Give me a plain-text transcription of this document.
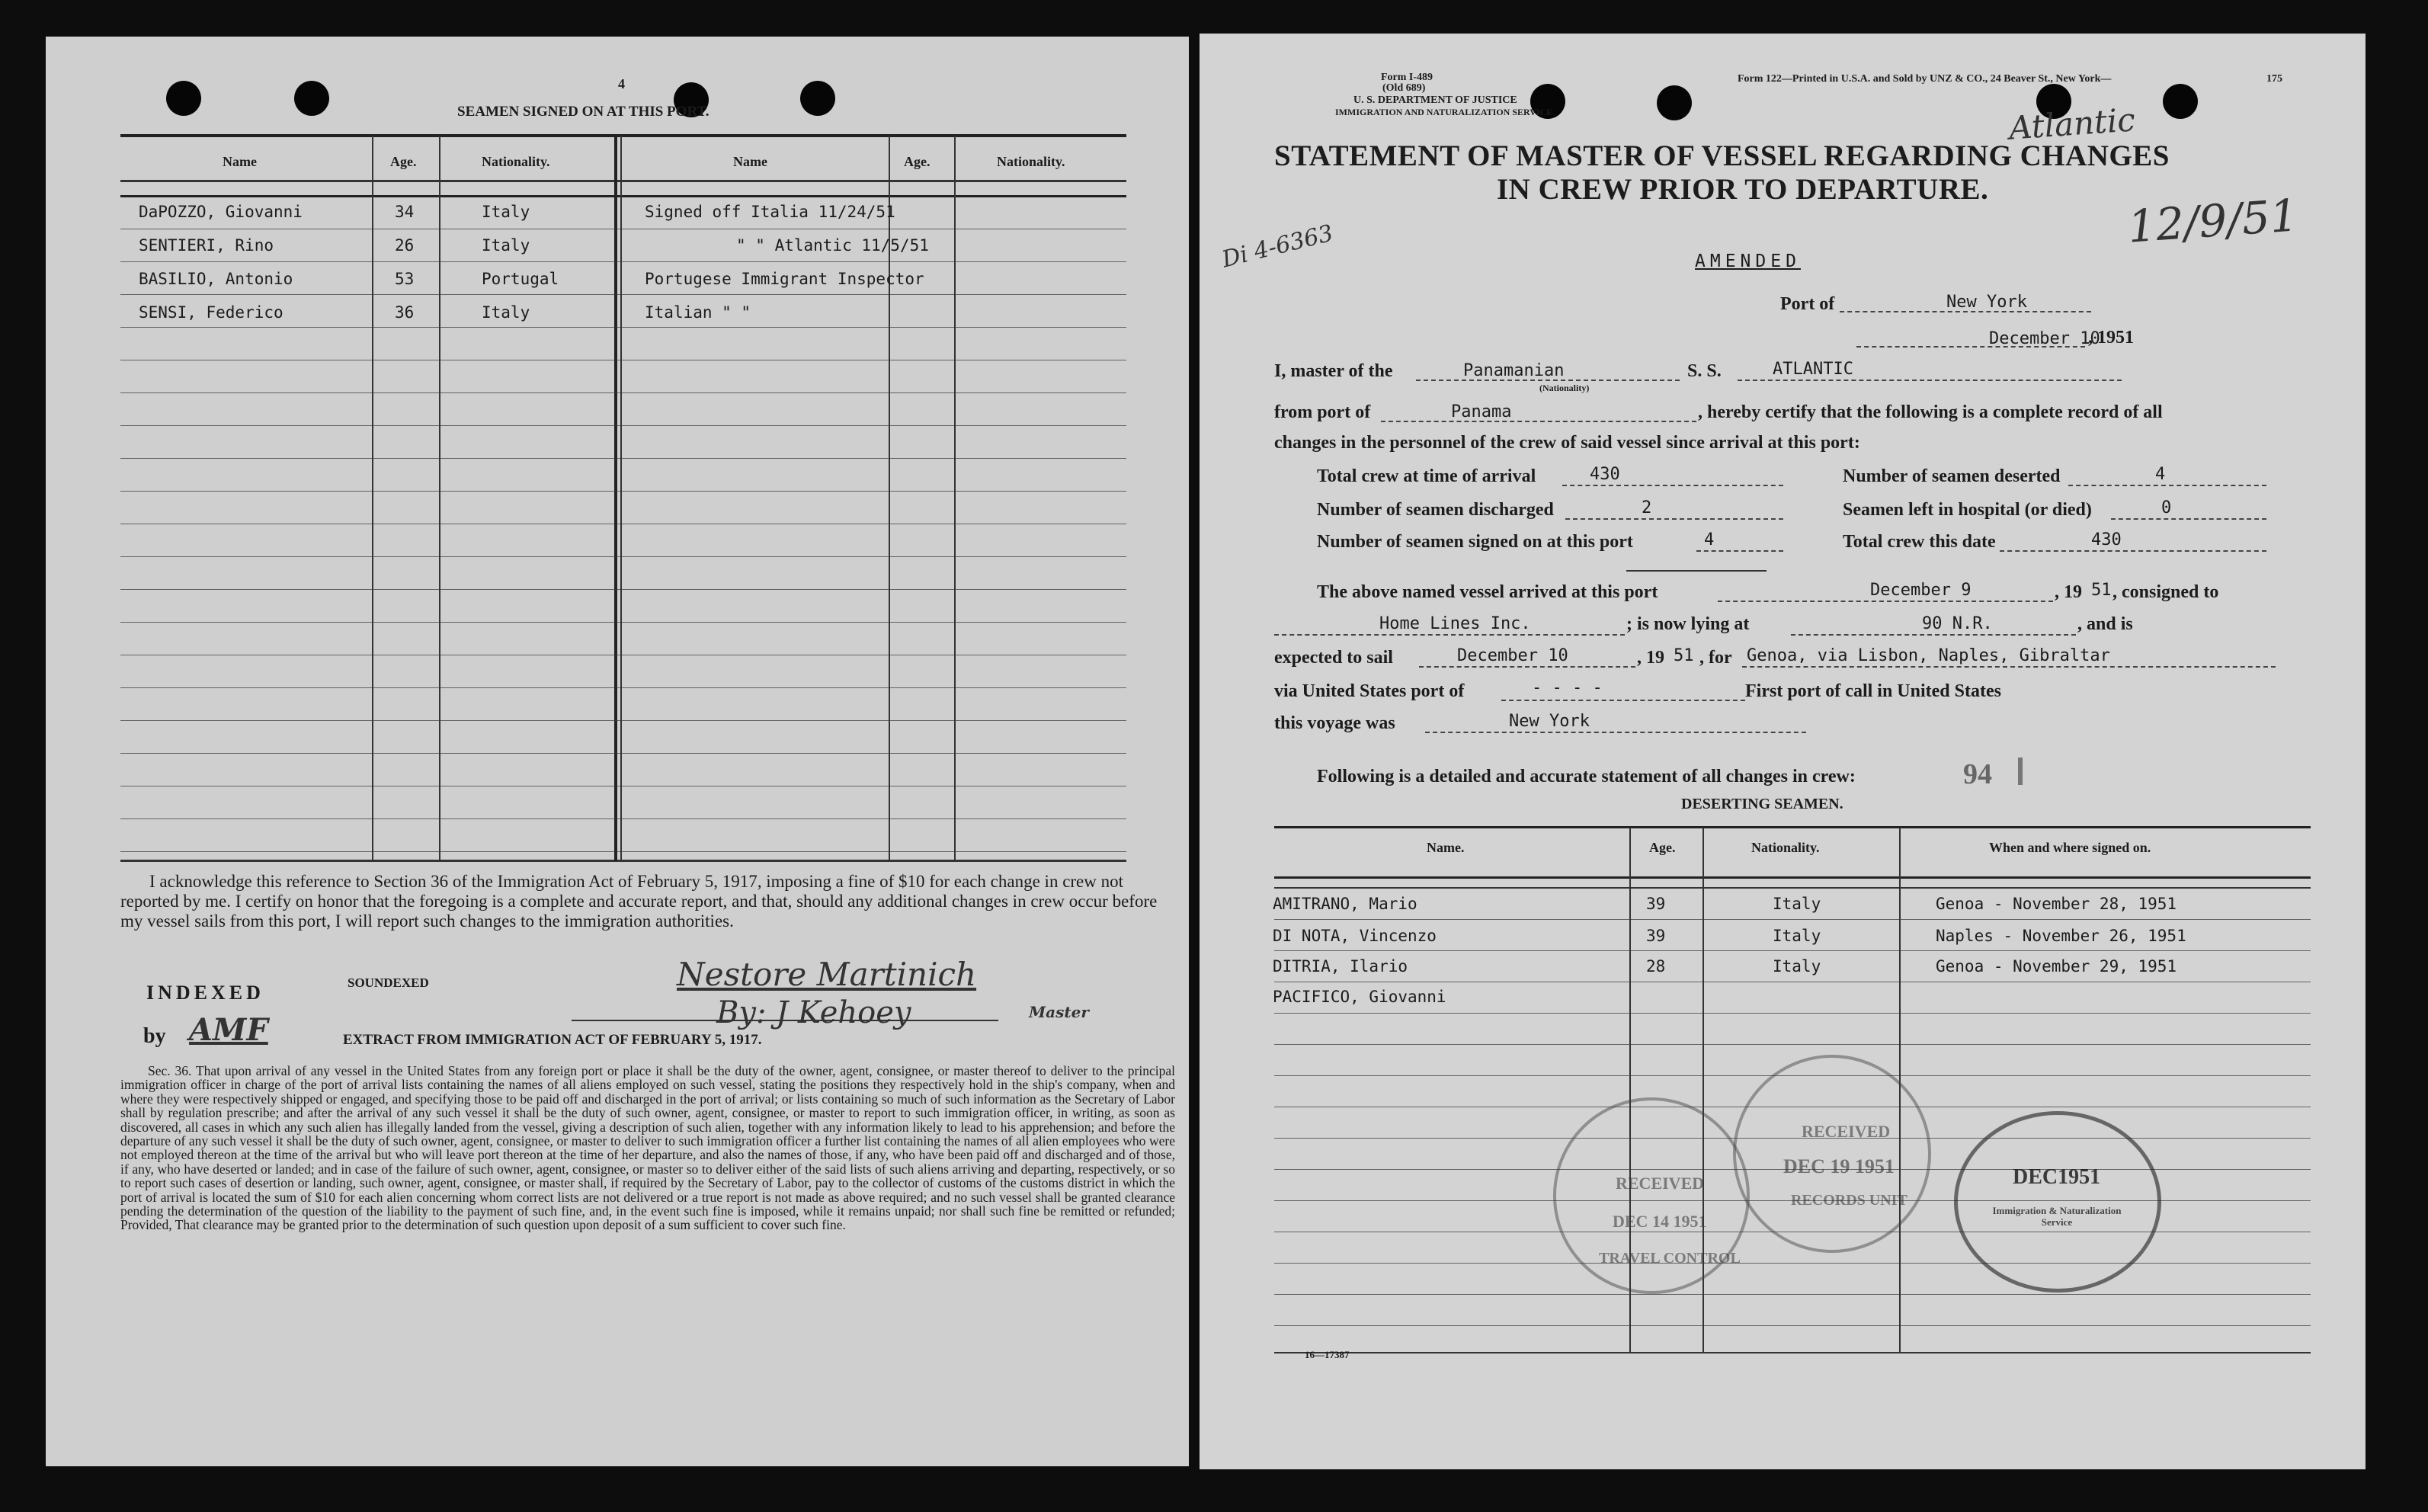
4
SEAMEN SIGNED ON AT THIS PORT.
Name	Age.	Nationality.	Name	Age.	Nationality.
DaPOZZO, Giovanni	34	Italy	Signed off Italia 11/24/51
SENTIERI, Rino	26	Italy	" " Atlantic 11/5/51
BASILIO, Antonio	53	Portugal	Portugese Immigrant Inspector
SENSI, Federico	36	Italy	Italian " "
I acknowledge this reference to Section 36 of the Immigration Act of February 5, 1917, imposing a fine of $10 for each change in crew not reported by me. I certify on honor that the foregoing is a complete and accurate report, and that, should any additional changes in crew occur before my vessel sails from this port, I will report such changes to the immigration authorities.
INDEXED	SOUNDEXED
by AMF
Nestore Martinich
Master
By: J Kehoey
EXTRACT FROM IMMIGRATION ACT OF FEBRUARY 5, 1917.
Sec. 36. That upon arrival of any vessel in the United States from any foreign port or place it shall be the duty of the owner, agent, consignee, or master thereof to deliver to the principal immigration officer in charge of the port of arrival lists containing the names of all aliens employed on such vessel, stating the positions they respectively hold in the ship's company, when and where they were respectively shipped or engaged, and specifying those to be paid off and discharged in the port of arrival; or lists containing so much of such information as the Secretary of Labor shall by regulation prescribe; and after the arrival of any such vessel it shall be the duty of such owner, agent, consignee, or master to report to such immigration officer, in writing, as soon as discovered, all cases in which any such alien has illegally landed from the vessel, giving a description of such alien, together with any information likely to lead to his apprehension; and before the departure of any such vessel it shall be the duty of such owner, agent, consignee, or master to deliver to such immigration officer a further list containing the names of all alien employees who were not employed thereon at the time of the arrival but who will leave port thereon at the time of her departure, and also the names of those, if any, who have been paid off and discharged and of those, if any, who have deserted or landed; and in case of the failure of such owner, agent, consignee, or master so to deliver either of the said lists of such aliens arriving and departing, respectively, or so to report such cases of desertion or landing, such owner, agent, consignee, or master shall, if required by the Secretary of Labor, pay to the collector of customs of the customs district in which the port of arrival is located the sum of $10 for each alien concerning whom correct lists are not delivered or a true report is not made as above required; and no such vessel shall be granted clearance pending the determination of the question of the liability to the payment of such fine, and, in the event such fine is imposed, while it remains unpaid; nor shall such fine be remitted or refunded; Provided, That clearance may be granted prior to the determination of such question upon deposit of a sum sufficient to cover such fine.
Form I-489
(Old 689)
U. S. DEPARTMENT OF JUSTICE
IMMIGRATION AND NATURALIZATION SERVICE
Form 122—Printed in U.S.A. and Sold by UNZ & CO., 24 Beaver St., New York—	175
STATEMENT OF MASTER OF VESSEL REGARDING CHANGES
IN CREW PRIOR TO DEPARTURE.
Atlantic
12/9/51
Di 4-6363	AMENDED
Port of	New York
December 10
, 1951
I, master of the	Panamanian
(Nationality)
S. S.	ATLANTIC
from port of	Panama	, hereby certify that the following is a complete record of all
changes in the personnel of the crew of said vessel since arrival at this port:
Total crew at time of arrival	430	Number of seamen deserted	4
Number of seamen discharged	2	Seamen left in hospital (or died)	0
Number of seamen signed on at this port	4	Total crew this date	430
The above named vessel arrived at this port	December 9	, 19 51 , consigned to
Home Lines Inc.	; is now lying at	90 N.R.	, and is
expected to sail	December 10	, 19 51 , for Genoa, via Lisbon, Naples, Gibraltar
via United States port of	- - - -	First port of call in United States
this voyage was	New York
Following is a detailed and accurate statement of all changes in crew:	94
DESERTING SEAMEN.
Name.	Age.	Nationality.	When and where signed on.
AMITRANO, Mario	39	Italy	Genoa - November 28, 1951
DI NOTA, Vincenzo	39	Italy	Naples - November 26, 1951
DITRIA, Ilario	28	Italy	Genoa - November 29, 1951
PACIFICO, Giovanni
RECEIVED
DEC 14 1951
TRAVEL CONTROL
RECEIVED
DEC 19 1951
RECORDS UNIT
DEC1951
Immigration & Naturalization Service
16—17387
